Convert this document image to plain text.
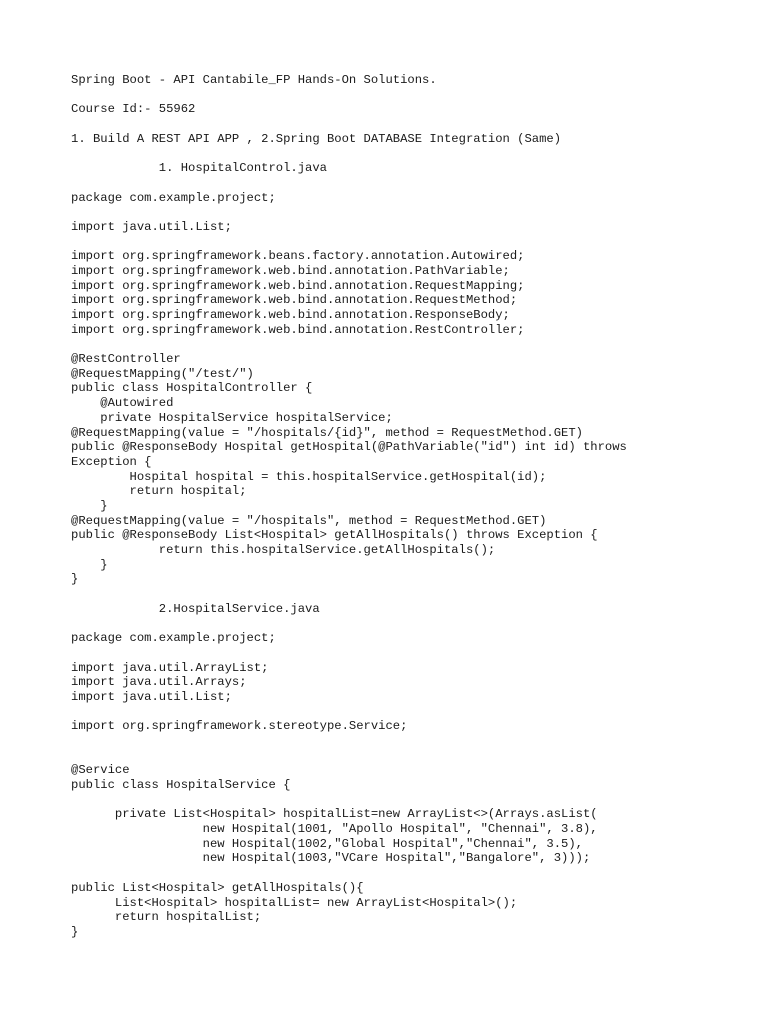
Spring Boot - API Cantabile_FP Hands-On Solutions.
Course Id:- 55962
1. Build A REST API APP , 2.Spring Boot DATABASE Integration (Same)
1. HospitalControl.java
package com.example.project;
import java.util.List;
import org.springframework.beans.factory.annotation.Autowired;
import org.springframework.web.bind.annotation.PathVariable;
import org.springframework.web.bind.annotation.RequestMapping;
import org.springframework.web.bind.annotation.RequestMethod;
import org.springframework.web.bind.annotation.ResponseBody;
import org.springframework.web.bind.annotation.RestController;
@RestController
@RequestMapping("/test/")
public class HospitalController {
@Autowired
private HospitalService hospitalService;
@RequestMapping(value = "/hospitals/{id}", method = RequestMethod.GET)
public @ResponseBody Hospital getHospital(@PathVariable("id") int id) throws
Exception {
Hospital hospital = this.hospitalService.getHospital(id);
return hospital;
}
@RequestMapping(value = "/hospitals", method = RequestMethod.GET)
public @ResponseBody List<Hospital> getAllHospitals() throws Exception {
return this.hospitalService.getAllHospitals();
}
}
2.HospitalService.java
package com.example.project;
import java.util.ArrayList;
import java.util.Arrays;
import java.util.List;
import org.springframework.stereotype.Service;
@Service
public class HospitalService {
private List<Hospital> hospitalList=new ArrayList<>(Arrays.asList(
new Hospital(1001, "Apollo Hospital", "Chennai", 3.8),
new Hospital(1002,"Global Hospital","Chennai", 3.5),
new Hospital(1003,"VCare Hospital","Bangalore", 3)));
public List<Hospital> getAllHospitals(){
List<Hospital> hospitalList= new ArrayList<Hospital>();
return hospitalList;
}
